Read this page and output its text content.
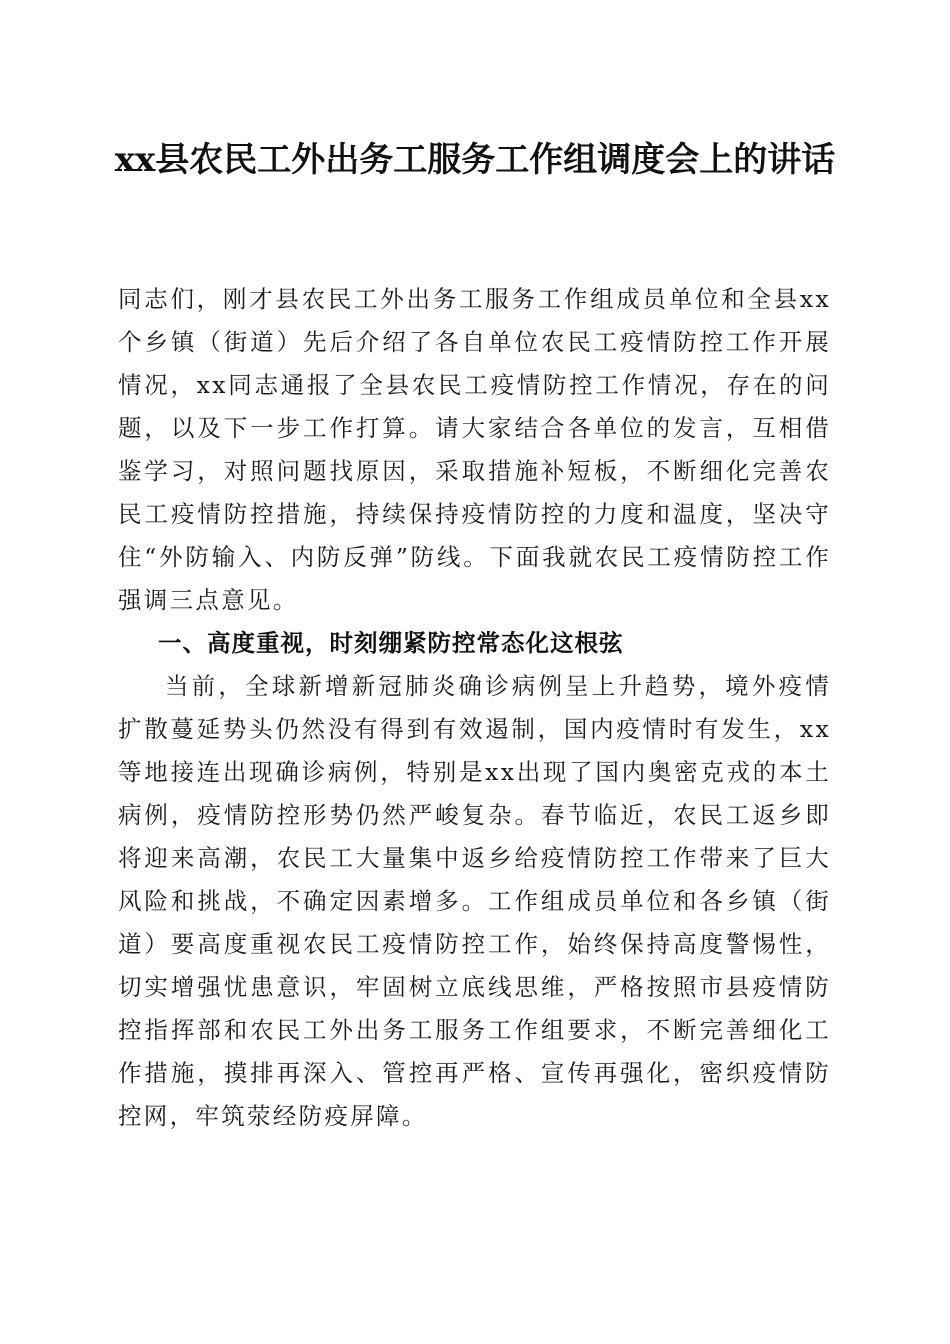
xx县农民工外出务工服务工作组调度会上的讲话

同志们，刚才县农民工外出务工服务工作组成员单位和全县xx个乡镇（街道）先后介绍了各自单位农民工疫情防控工作开展情况，xx同志通报了全县农民工疫情防控工作情况，存在的问题，以及下一步工作打算。请大家结合各单位的发言，互相借鉴学习，对照问题找原因，采取措施补短板，不断细化完善农民工疫情防控措施，持续保持疫情防控的力度和温度，坚决守住“外防输入、内防反弹”防线。下面我就农民工疫情防控工作强调三点意见。

一、高度重视，时刻绷紧防控常态化这根弦

当前，全球新增新冠肺炎确诊病例呈上升趋势，境外疫情扩散蔓延势头仍然没有得到有效遏制，国内疫情时有发生，xx等地接连出现确诊病例，特别是xx出现了国内奥密克戎的本土病例，疫情防控形势仍然严峻复杂。春节临近，农民工返乡即将迎来高潮，农民工大量集中返乡给疫情防控工作带来了巨大风险和挑战，不确定因素增多。工作组成员单位和各乡镇（街道）要高度重视农民工疫情防控工作，始终保持高度警惕性，切实增强忧患意识，牢固树立底线思维，严格按照市县疫情防控指挥部和农民工外出务工服务工作组要求，不断完善细化工作措施，摸排再深入、管控再严格、宣传再强化，密织疫情防控网，牢筑荥经防疫屏障。
